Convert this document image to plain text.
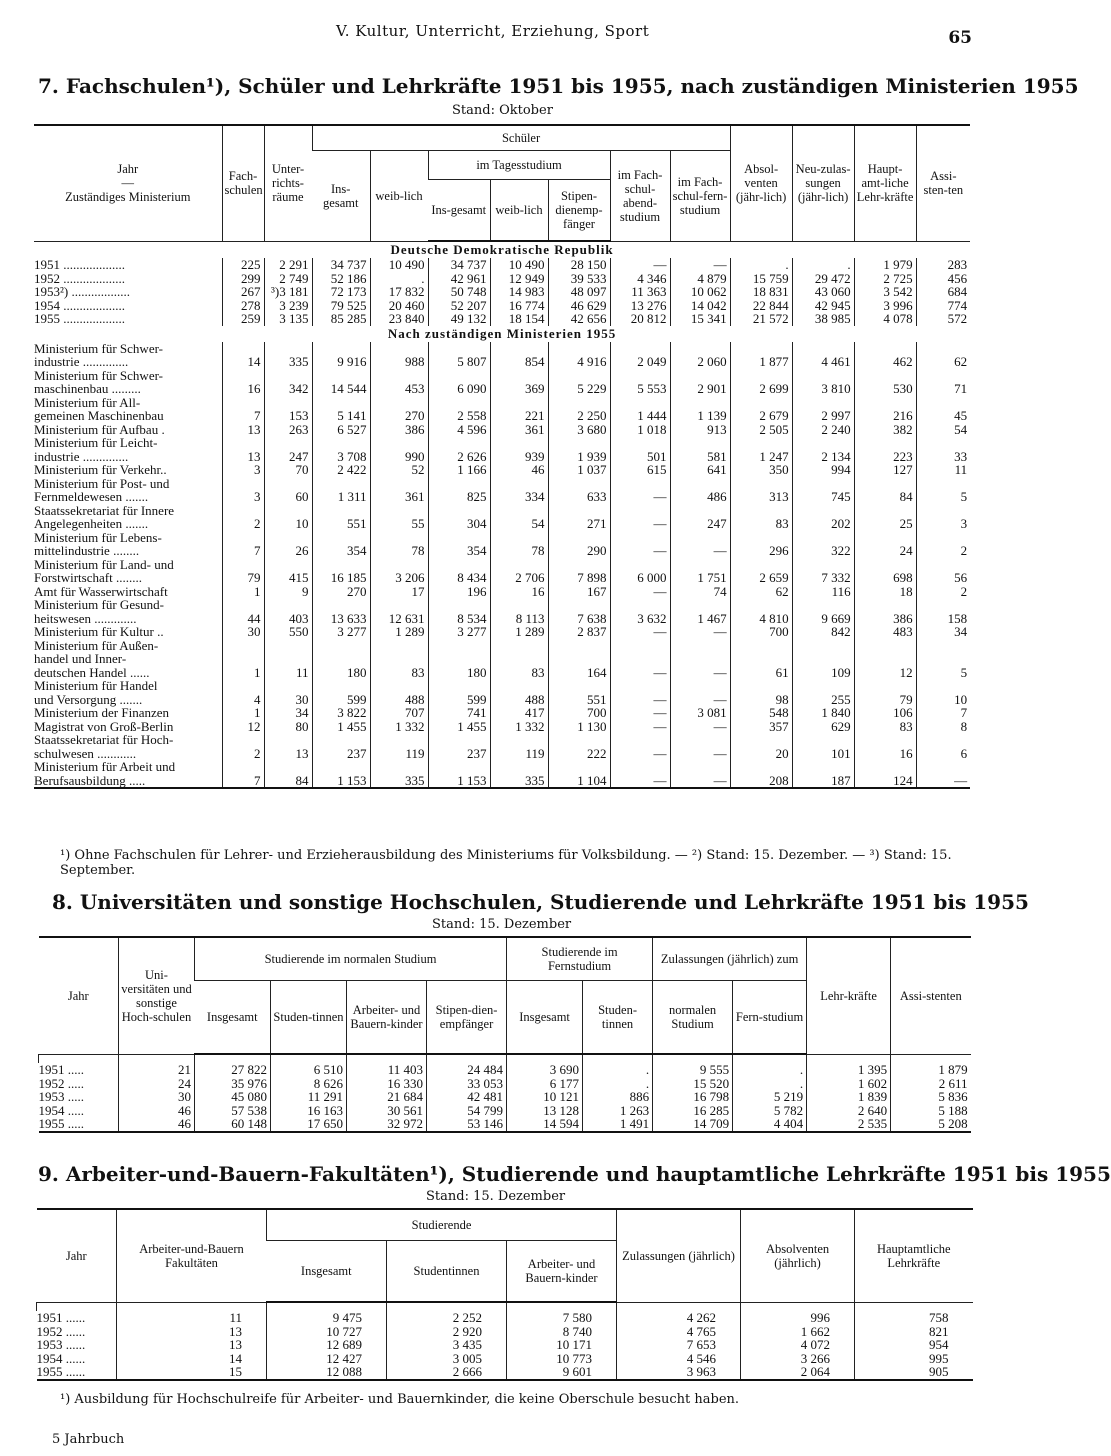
V. Kultur, Unterricht, Erziehung, Sport	65
7. Fachschulen¹), Schüler und Lehrkräfte 1951 bis 1955, nach zuständigen Ministerien 1955
Stand: Oktober
Jahr
—
Zuständiges Ministerium	Fach-schulen	Unter-richts-räume	Schüler							Absol-venten (jähr-lich)	Neu-zulas-sungen (jähr-lich)	Haupt-amt-liche Lehr-kräfte	Assi-sten-ten
			Ins-gesamt	weib-lich	im Tagesstudium			im Fach-schul-abend-studium	im Fach-schul-fern-studium				
					Ins-gesamt	weib-lich	Stipen-dienemp-fänger						
Deutsche Demokratische Republik													
1951 ...................	225	2 291	34 737	10 490	34 737	10 490	28 150	—	—	.	.	1 979	283
1952 ...................	299	2 749	52 186	.	42 961	12 949	39 533	4 346	4 879	15 759	29 472	2 725	456
1953²) ..................	267	³)3 181	72 173	17 832	50 748	14 983	48 097	11 363	10 062	18 831	43 060	3 542	684
1954 ...................	278	3 239	79 525	20 460	52 207	16 774	46 629	13 276	14 042	22 844	42 945	3 996	774
1955 ...................	259	3 135	85 285	23 840	49 132	18 154	42 656	20 812	15 341	21 572	38 985	4 078	572
Nach zuständigen Ministerien 1955													
Ministerium für Schwer-													
industrie ..............	14	335	9 916	988	5 807	854	4 916	2 049	2 060	1 877	4 461	462	62
Ministerium für Schwer-													
maschinenbau .........	16	342	14 544	453	6 090	369	5 229	5 553	2 901	2 699	3 810	530	71
Ministerium für All-													
gemeinen Maschinenbau	7	153	5 141	270	2 558	221	2 250	1 444	1 139	2 679	2 997	216	45
Ministerium für Aufbau .	13	263	6 527	386	4 596	361	3 680	1 018	913	2 505	2 240	382	54
Ministerium für Leicht-													
industrie ..............	13	247	3 708	990	2 626	939	1 939	501	581	1 247	2 134	223	33
Ministerium für Verkehr..	3	70	2 422	52	1 166	46	1 037	615	641	350	994	127	11
Ministerium für Post- und													
Fernmeldewesen .......	3	60	1 311	361	825	334	633	—	486	313	745	84	5
Staatssekretariat für Innere													
Angelegenheiten .......	2	10	551	55	304	54	271	—	247	83	202	25	3
Ministerium für Lebens-													
mittelindustrie ........	7	26	354	78	354	78	290	—	—	296	322	24	2
Ministerium für Land- und													
Forstwirtschaft ........	79	415	16 185	3 206	8 434	2 706	7 898	6 000	1 751	2 659	7 332	698	56
Amt für Wasserwirtschaft	1	9	270	17	196	16	167	—	74	62	116	18	2
Ministerium für Gesund-													
heitswesen .............	44	403	13 633	12 631	8 534	8 113	7 638	3 632	1 467	4 810	9 669	386	158
Ministerium für Kultur ..	30	550	3 277	1 289	3 277	1 289	2 837	—	—	700	842	483	34
Ministerium für Außen-													
handel und Inner-													
deutschen Handel ......	1	11	180	83	180	83	164	—	—	61	109	12	5
Ministerium für Handel													
und Versorgung .......	4	30	599	488	599	488	551	—	—	98	255	79	10
Ministerium der Finanzen	1	34	3 822	707	741	417	700	—	3 081	548	1 840	106	7
Magistrat von Groß-Berlin	12	80	1 455	1 332	1 455	1 332	1 130	—	—	357	629	83	8
Staatssekretariat für Hoch-													
schulwesen ............	2	13	237	119	237	119	222	—	—	20	101	16	6
Ministerium für Arbeit und													
Berufsausbildung .....	7	84	1 153	335	1 153	335	1 104	—	—	208	187	124	—
¹) Ohne Fachschulen für Lehrer- und Erzieherausbildung des Ministeriums für Volksbildung. — ²) Stand: 15. Dezember. — ³) Stand: 15. September.
8. Universitäten und sonstige Hochschulen, Studierende und Lehrkräfte 1951 bis 1955
Stand: 15. Dezember
Jahr	Uni-versitäten und sonstige Hoch-schulen	Studierende im normalen Studium				Studierende im Fernstudium		Zulassungen (jährlich) zum		Lehr-kräfte	Assi-stenten
		Insgesamt	Studen-tinnen	Arbeiter- und Bauern-kinder	Stipen-dien-empfänger	Insgesamt	Studen-tinnen	normalen Studium	Fern-studium		

1951 .....	21	27 822	6 510	11 403	24 484	3 690	.	9 555	.	1 395	1 879
1952 .....	24	35 976	8 626	16 330	33 053	6 177	.	15 520	.	1 602	2 611
1953 .....	30	45 080	11 291	21 684	42 481	10 121	886	16 798	5 219	1 839	5 836
1954 .....	46	57 538	16 163	30 561	54 799	13 128	1 263	16 285	5 782	2 640	5 188
1955 .....	46	60 148	17 650	32 972	53 146	14 594	1 491	14 709	4 404	2 535	5 208
9. Arbeiter-und-Bauern-Fakultäten¹), Studierende und hauptamtliche Lehrkräfte 1951 bis 1955
Stand: 15. Dezember
Jahr	Arbeiter-und-Bauern Fakultäten	Studierende			Zulassungen (jährlich)	Absolventen (jährlich)	Hauptamtliche Lehrkräfte
		Insgesamt	Studentinnen	Arbeiter- und Bauern-kinder			

1951 ......	11	9 475	2 252	7 580	4 262	996	758
1952 ......	13	10 727	2 920	8 740	4 765	1 662	821
1953 ......	13	12 689	3 435	10 171	7 653	4 072	954
1954 ......	14	12 427	3 005	10 773	4 546	3 266	995
1955 ......	15	12 088	2 666	9 601	3 963	2 064	905
¹) Ausbildung für Hochschulreife für Arbeiter- und Bauernkinder, die keine Oberschule besucht haben.
5 Jahrbuch
